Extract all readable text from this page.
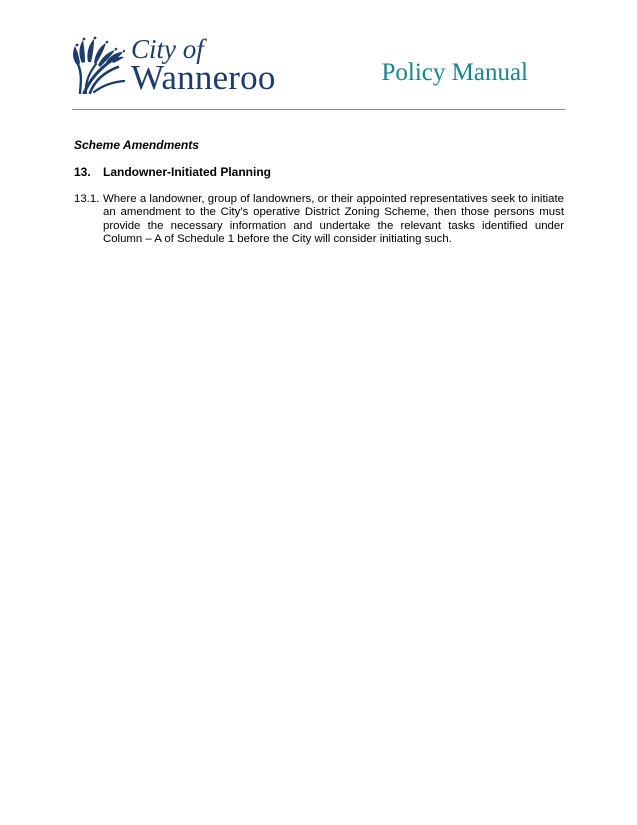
City of
Wanneroo	Policy Manual

Scheme Amendments

13.	Landowner-Initiated Planning
13.1. Where a landowner, group of landowners, or their appointed representatives seek to initiate an amendment to the City’s operative District Zoning Scheme, then those persons must provide the necessary information and undertake the relevant tasks identified under Column – A of Schedule 1 before the City will consider initiating such.
